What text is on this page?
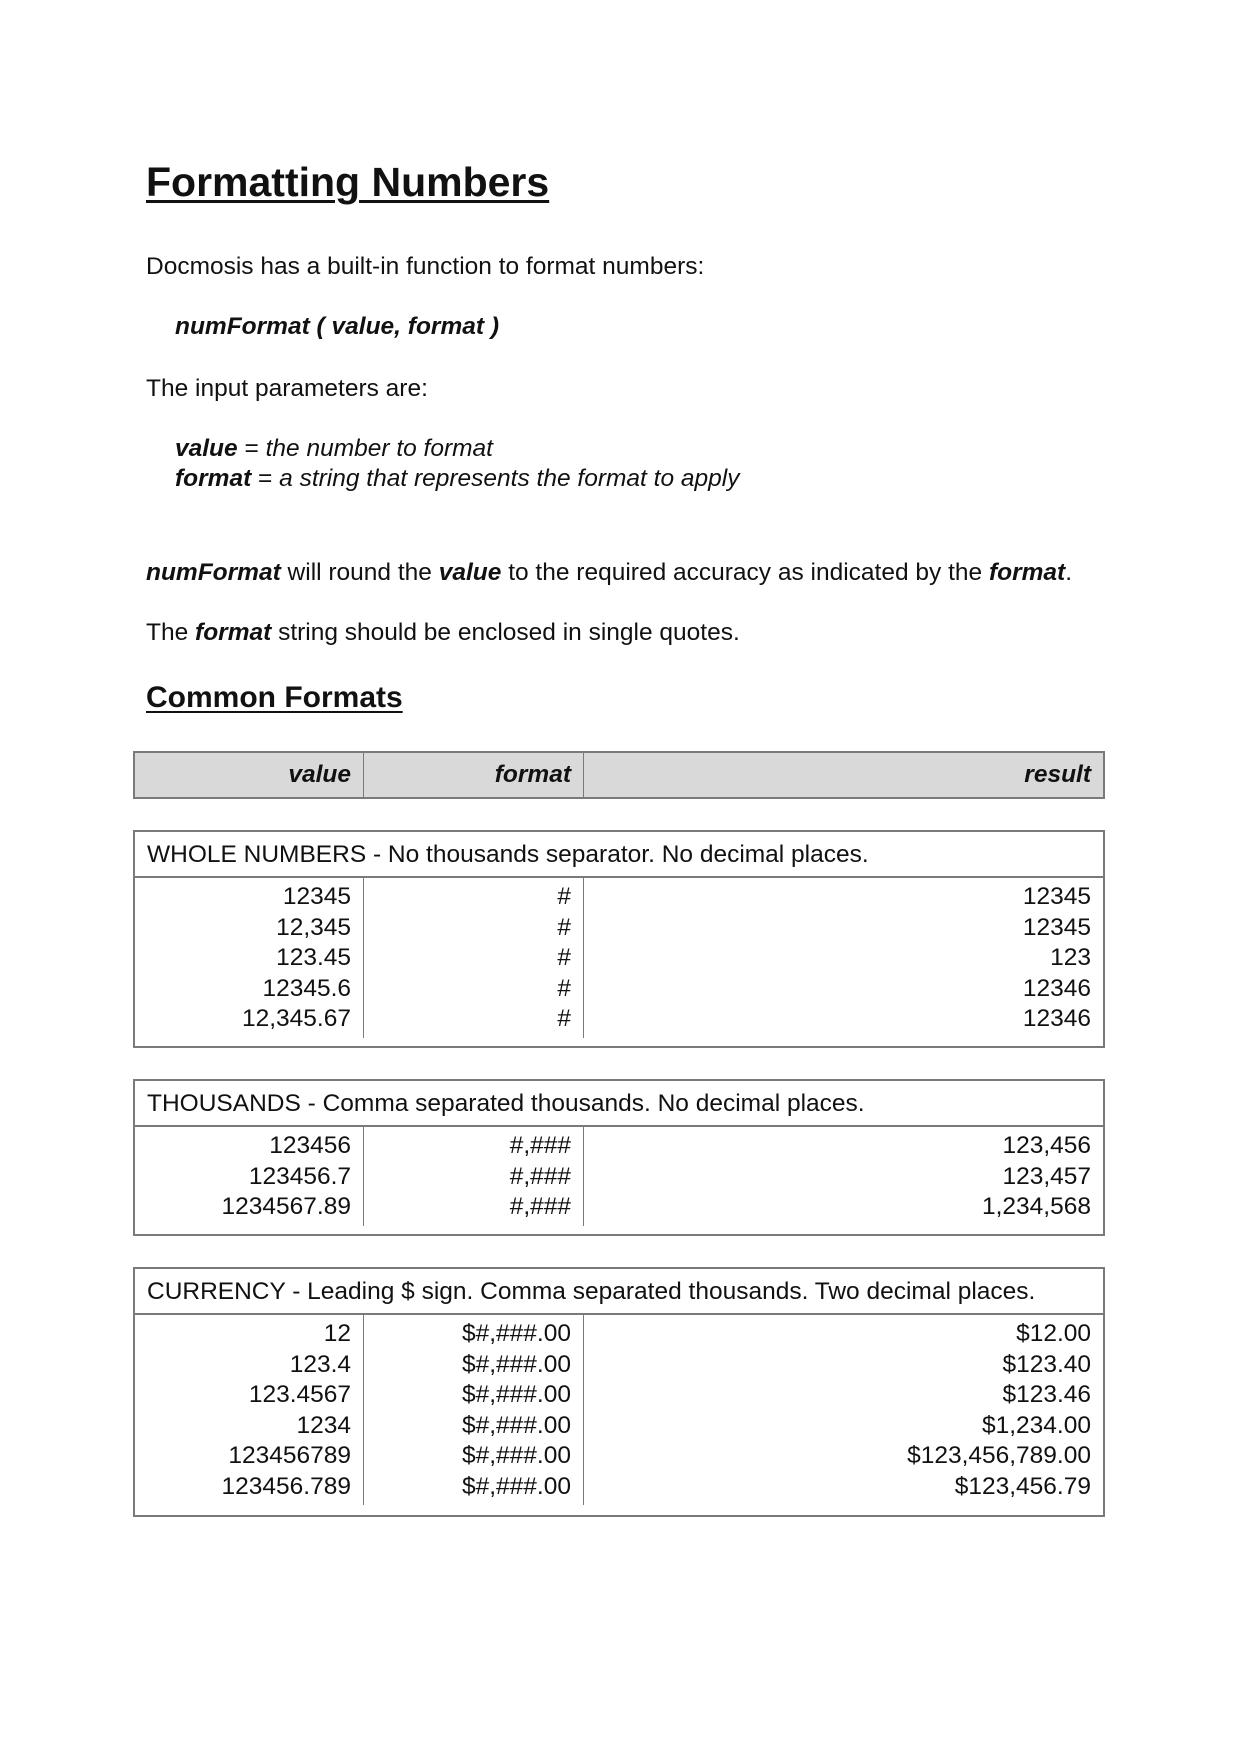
Formatting Numbers
Docmosis has a built-in function to format numbers:
numFormat ( value, format )
The input parameters are:
value = the number to format
format = a string that represents the format to apply
numFormat will round the value to the required accuracy as indicated by the format.
The format string should be enclosed in single quotes.
Common Formats
value	format	result
WHOLE NUMBERS - No thousands separator. No decimal places.
12345
12,345
123.45
12345.6
12,345.67
#
#
#
#
#
12345
12345
123
12346
12346
THOUSANDS - Comma separated thousands. No decimal places.
123456
123456.7
1234567.89
#,###
#,###
#,###
123,456
123,457
1,234,568
CURRENCY - Leading $ sign. Comma separated thousands. Two decimal places.
12
123.4
123.4567
1234
123456789
123456.789
$#,###.00
$#,###.00
$#,###.00
$#,###.00
$#,###.00
$#,###.00
$12.00
$123.40
$123.46
$1,234.00
$123,456,789.00
$123,456.79
